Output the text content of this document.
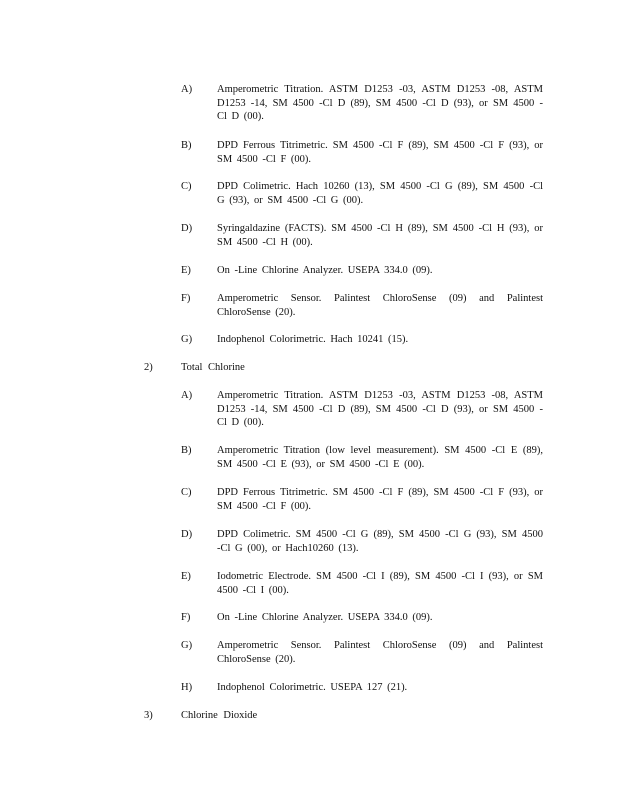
A) Amperometric Titration. ASTM D1253 -03, ASTM D1253 -08, ASTM D1253 -14, SM 4500 -Cl D (89), SM 4500 -Cl D (93), or SM 4500 -Cl D (00).
B) DPD Ferrous Titrimetric. SM 4500 -Cl F (89), SM 4500 -Cl F (93), or SM 4500 -Cl F (00).
C) DPD Colimetric. Hach 10260 (13), SM 4500 -Cl G (89), SM 4500 -Cl G (93), or SM 4500 -Cl G (00).
D) Syringaldazine (FACTS). SM 4500 -Cl H (89), SM 4500 -Cl H (93), or SM 4500 -Cl H (00).
E) On -Line Chlorine Analyzer. USEPA 334.0 (09).
F)	Amperometric Sensor. Palintest ChloroSense (09) and Palintest ChloroSense (20).
G) Indophenol Colorimetric. Hach 10241 (15).
2)	Total Chlorine
A) Amperometric Titration. ASTM D1253 -03, ASTM D1253 -08, ASTM D1253 -14, SM 4500 -Cl D (89), SM 4500 -Cl D (93), or SM 4500 -Cl D (00).
B) Amperometric Titration (low level measurement). SM 4500 -Cl E (89), SM 4500 -Cl E (93), or SM 4500 -Cl E (00).
C) DPD Ferrous Titrimetric. SM 4500 -Cl F (89), SM 4500 -Cl F (93), or SM 4500 -Cl F (00).
D) DPD Colimetric. SM 4500 -Cl G (89), SM 4500 -Cl G (93), SM 4500 -Cl G (00), or Hach10260 (13).
E) Iodometric Electrode. SM 4500 -Cl I (89), SM 4500 -Cl I (93), or SM 4500 -Cl I (00).
F)	On -Line Chlorine Analyzer. USEPA 334.0 (09).
G) Amperometric Sensor. Palintest ChloroSense (09) and Palintest ChloroSense (20).
H) Indophenol Colorimetric. USEPA 127 (21).
3)	Chlorine Dioxide
